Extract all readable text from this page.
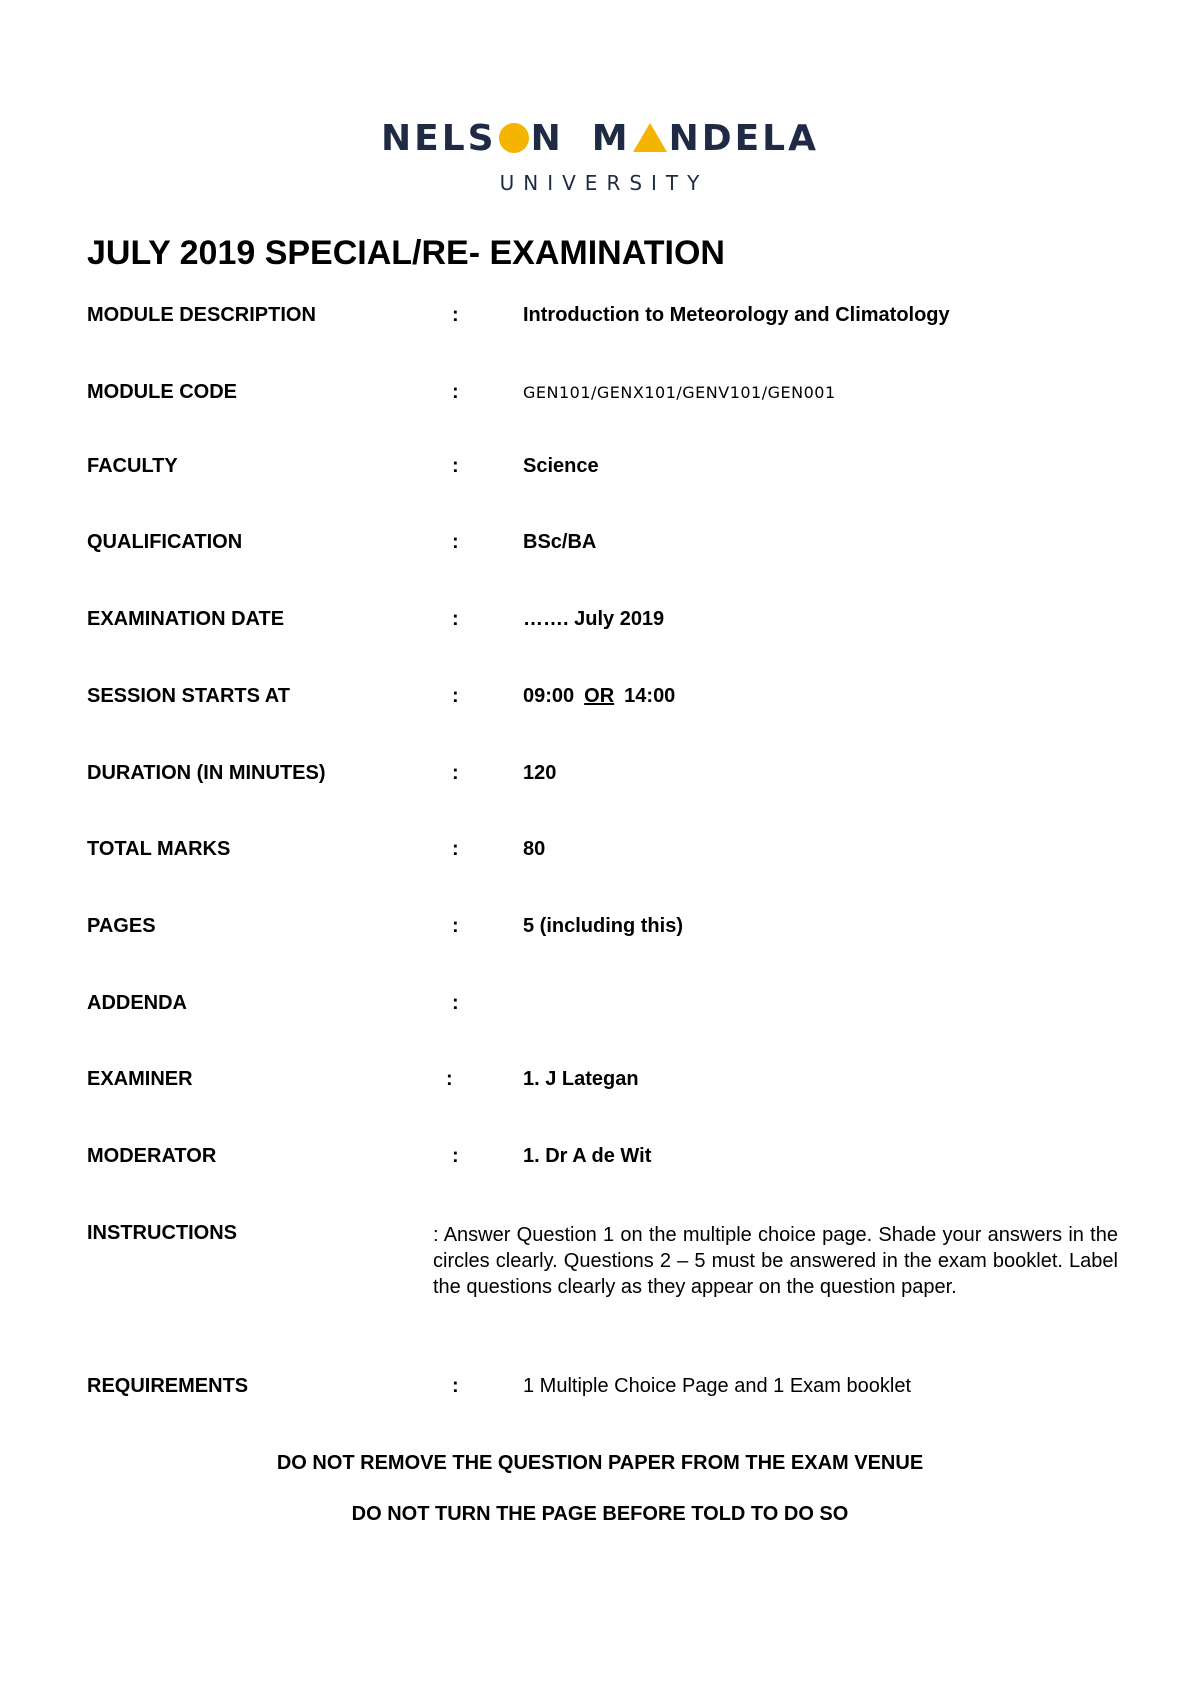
NELS N M NDELA
UNIVERSITY
JULY 2019 SPECIAL/RE- EXAMINATION
MODULE DESCRIPTION	:	Introduction to Meteorology and Climatology
MODULE CODE	:	GEN101/GENX101/GENV101/GEN001
FACULTY	:	Science
QUALIFICATION	:	BSc/BA
EXAMINATION DATE	:	……. July 2019
SESSION STARTS AT	:	09:00 OR 14:00
DURATION (IN MINUTES)	:	120
TOTAL MARKS	:	80
PAGES	:	5 (including this)
ADDENDA	:
EXAMINER	:	1. J Lategan
MODERATOR	:	1. Dr A de Wit
INSTRUCTIONS	: Answer Question 1 on the multiple choice page. Shade your answers in the circles clearly. Questions 2 – 5 must be answered in the exam booklet. Label the questions clearly as they appear on the question paper.

REQUIREMENTS	:	1 Multiple Choice Page and 1 Exam booklet

DO NOT REMOVE THE QUESTION PAPER FROM THE EXAM VENUE

DO NOT TURN THE PAGE BEFORE TOLD TO DO SO
